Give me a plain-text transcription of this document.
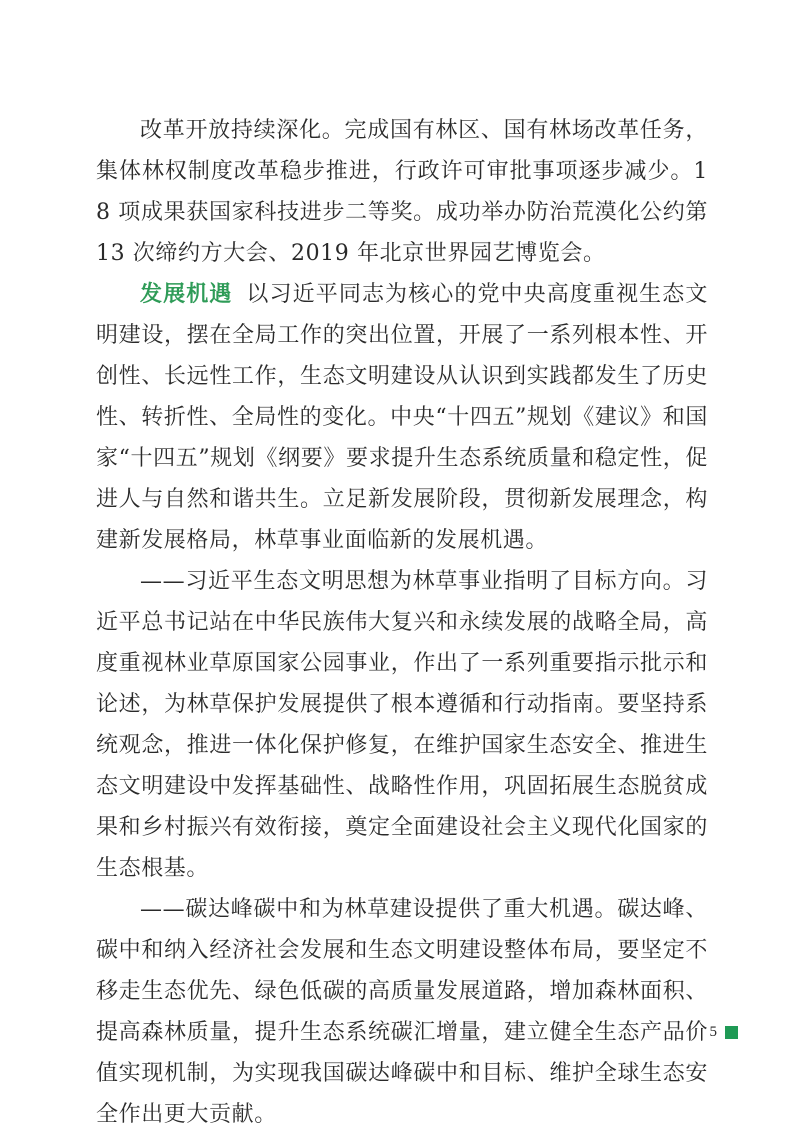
改革开放持续深化。完成国有林区、国有林场改革任务，集体林权制度改革稳步推进，行政许可审批事项逐步减少。18 项成果获国家科技进步二等奖。成功举办防治荒漠化公约第 13 次缔约方大会、2019 年北京世界园艺博览会。

发展机遇 以习近平同志为核心的党中央高度重视生态文明建设，摆在全局工作的突出位置，开展了一系列根本性、开创性、长远性工作，生态文明建设从认识到实践都发生了历史性、转折性、全局性的变化。中央“十四五”规划《建议》和国家“十四五”规划《纲要》要求提升生态系统质量和稳定性，促进人与自然和谐共生。立足新发展阶段，贯彻新发展理念，构建新发展格局，林草事业面临新的发展机遇。

——习近平生态文明思想为林草事业指明了目标方向。习近平总书记站在中华民族伟大复兴和永续发展的战略全局，高度重视林业草原国家公园事业，作出了一系列重要指示批示和论述，为林草保护发展提供了根本遵循和行动指南。要坚持系统观念，推进一体化保护修复，在维护国家生态安全、推进生态文明建设中发挥基础性、战略性作用，巩固拓展生态脱贫成果和乡村振兴有效衔接，奠定全面建设社会主义现代化国家的生态根基。

——碳达峰碳中和为林草建设提供了重大机遇。碳达峰、碳中和纳入经济社会发展和生态文明建设整体布局，要坚定不移走生态优先、绿色低碳的高质量发展道路，增加森林面积、提高森林质量，提升生态系统碳汇增量，建立健全生态产品价值实现机制，为实现我国碳达峰碳中和目标、维护全球生态安全作出更大贡献。

5
